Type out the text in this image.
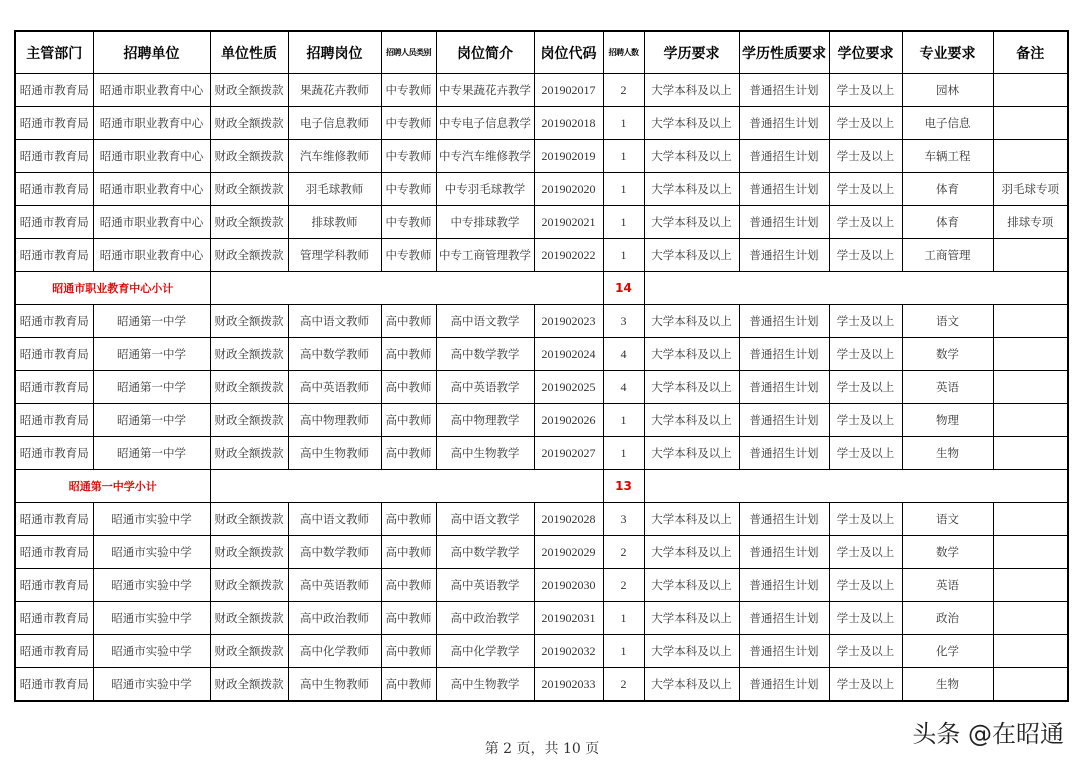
主管部门	招聘单位	单位性质	招聘岗位	招聘人员类别	岗位简介	岗位代码	招聘人数	学历要求	学历性质要求	学位要求	专业要求	备注
昭通市教育局	昭通市职业教育中心	财政全额拨款	果蔬花卉教师	中专教师	中专果蔬花卉教学	201902017	2	大学本科及以上	普通招生计划	学士及以上	园林	
昭通市教育局	昭通市职业教育中心	财政全额拨款	电子信息教师	中专教师	中专电子信息教学	201902018	1	大学本科及以上	普通招生计划	学士及以上	电子信息	
昭通市教育局	昭通市职业教育中心	财政全额拨款	汽车维修教师	中专教师	中专汽车维修教学	201902019	1	大学本科及以上	普通招生计划	学士及以上	车辆工程	
昭通市教育局	昭通市职业教育中心	财政全额拨款	羽毛球教师	中专教师	中专羽毛球教学	201902020	1	大学本科及以上	普通招生计划	学士及以上	体育	羽毛球专项
昭通市教育局	昭通市职业教育中心	财政全额拨款	排球教师	中专教师	中专排球教学	201902021	1	大学本科及以上	普通招生计划	学士及以上	体育	排球专项
昭通市教育局	昭通市职业教育中心	财政全额拨款	管理学科教师	中专教师	中专工商管理教学	201902022	1	大学本科及以上	普通招生计划	学士及以上	工商管理	
昭通市职业教育中心小计							14					
昭通市教育局	昭通第一中学	财政全额拨款	高中语文教师	高中教师	高中语文教学	201902023	3	大学本科及以上	普通招生计划	学士及以上	语文	
昭通市教育局	昭通第一中学	财政全额拨款	高中数学教师	高中教师	高中数学教学	201902024	4	大学本科及以上	普通招生计划	学士及以上	数学	
昭通市教育局	昭通第一中学	财政全额拨款	高中英语教师	高中教师	高中英语教学	201902025	4	大学本科及以上	普通招生计划	学士及以上	英语	
昭通市教育局	昭通第一中学	财政全额拨款	高中物理教师	高中教师	高中物理教学	201902026	1	大学本科及以上	普通招生计划	学士及以上	物理	
昭通市教育局	昭通第一中学	财政全额拨款	高中生物教师	高中教师	高中生物教学	201902027	1	大学本科及以上	普通招生计划	学士及以上	生物	
昭通第一中学小计							13					
昭通市教育局	昭通市实验中学	财政全额拨款	高中语文教师	高中教师	高中语文教学	201902028	3	大学本科及以上	普通招生计划	学士及以上	语文	
昭通市教育局	昭通市实验中学	财政全额拨款	高中数学教师	高中教师	高中数学教学	201902029	2	大学本科及以上	普通招生计划	学士及以上	数学	
昭通市教育局	昭通市实验中学	财政全额拨款	高中英语教师	高中教师	高中英语教学	201902030	2	大学本科及以上	普通招生计划	学士及以上	英语	
昭通市教育局	昭通市实验中学	财政全额拨款	高中政治教师	高中教师	高中政治教学	201902031	1	大学本科及以上	普通招生计划	学士及以上	政治	
昭通市教育局	昭通市实验中学	财政全额拨款	高中化学教师	高中教师	高中化学教学	201902032	1	大学本科及以上	普通招生计划	学士及以上	化学	
昭通市教育局	昭通市实验中学	财政全额拨款	高中生物教师	高中教师	高中生物教学	201902033	2	大学本科及以上	普通招生计划	学士及以上	生物	
头条 @在昭通
第 2 页，共 10 页
